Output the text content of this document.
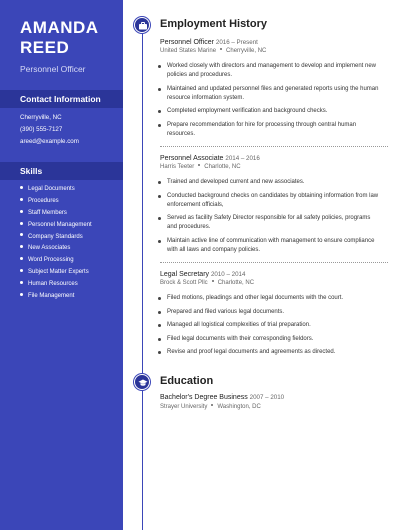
AMANDA
REED
Personnel Officer
Contact Information
Cherryville, NC
(390) 555-7127
areed@example.com
Skills
Legal Documents
Procedures
Staff Members
Personnel Management
Company Standards
New Associates
Word Processing
Subject Matter Experts
Human Resources
File Management
Employment History
Personnel Officer 2016 – Present
United States Marine Cherryville, NC
Worked closely with directors and management to develop and implement new policies and procedures.
Maintained and updated personnel files and generated reports using the human resource information system.
Completed employment verification and background checks.
Prepare recommendation for hire for processing through central human resources.
Personnel Associate 2014 – 2016
Harris Teeter Charlotte, NC
Trained and developed current and new associates.
Conducted background checks on candidates by obtaining information from law enforcement officials,
Served as facility Safety Director responsible for all safety policies, programs and procedures.
Maintain active line of communication with management to ensure compliance with all laws and company policies.
Legal Secretary 2010 – 2014
Brock & Scott Pllc Charlotte, NC
Filed motions, pleadings and other legal documents with the court.
Prepared and filed various legal documents.
Managed all logistical complexities of trial preparation.
Filed legal documents with their corresponding fieldors.
Revise and proof legal documents and agreements as directed.
Education
Bachelor's Degree Business 2007 – 2010
Strayer University Washington, DC
